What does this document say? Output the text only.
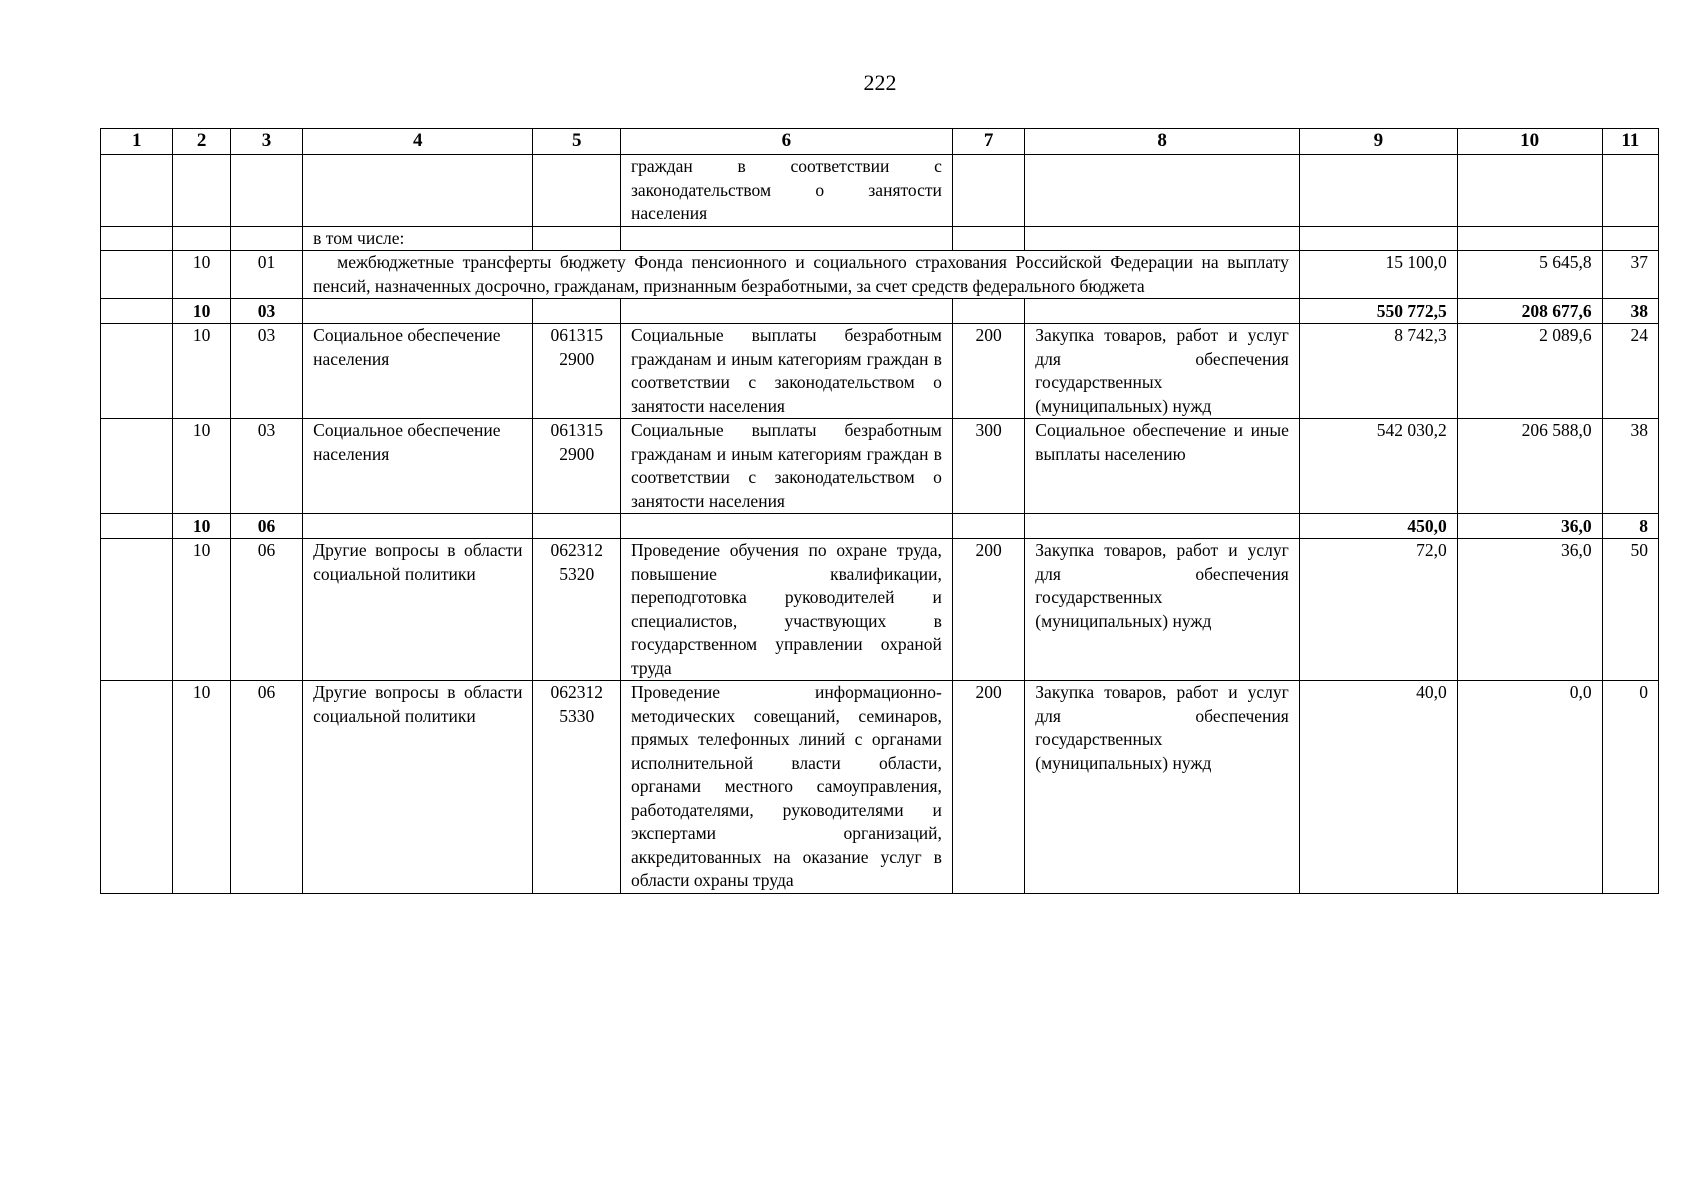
222
1	2	3	4	5	6	7	8	9	10	11
					граждан в соответствии с законодательством о занятости населения					
			в том числе:							
	10	01	межбюджетные трансферты бюджету Фонда пенсионного и социального страхования Российской Федерации на выплату пенсий, назначенных досрочно, гражданам, признанным безработными, за счет средств федерального бюджета					15 100,0	5 645,8	37
	10	03						550 772,5	208 677,6	38
	10	03	Социальное обеспечение населения	061315 2900	Социальные выплаты безработным гражданам и иным категориям граждан в соответствии с законодательством о занятости населения	200	Закупка товаров, работ и услуг для обеспечения государственных (муниципальных) нужд	8 742,3	2 089,6	24
	10	03	Социальное обеспечение населения	061315 2900	Социальные выплаты безработным гражданам и иным категориям граждан в соответствии с законодательством о занятости населения	300	Социальное обеспечение и иные выплаты населению	542 030,2	206 588,0	38
	10	06						450,0	36,0	8
	10	06	Другие вопросы в области социальной политики	062312 5320	Проведение обучения по охране труда, повышение квалификации, переподготовка руководителей и специалистов, участвующих в государственном управлении охраной труда	200	Закупка товаров, работ и услуг для обеспечения государственных (муниципальных) нужд	72,0	36,0	50
	10	06	Другие вопросы в области социальной политики	062312 5330	Проведение информационно-методических совещаний, семинаров, прямых телефонных линий с органами исполнительной власти области, органами местного самоуправления, работодателями, руководителями и экспертами организаций, аккредитованных на оказание услуг в области охраны труда	200	Закупка товаров, работ и услуг для обеспечения государственных (муниципальных) нужд	40,0	0,0	0
